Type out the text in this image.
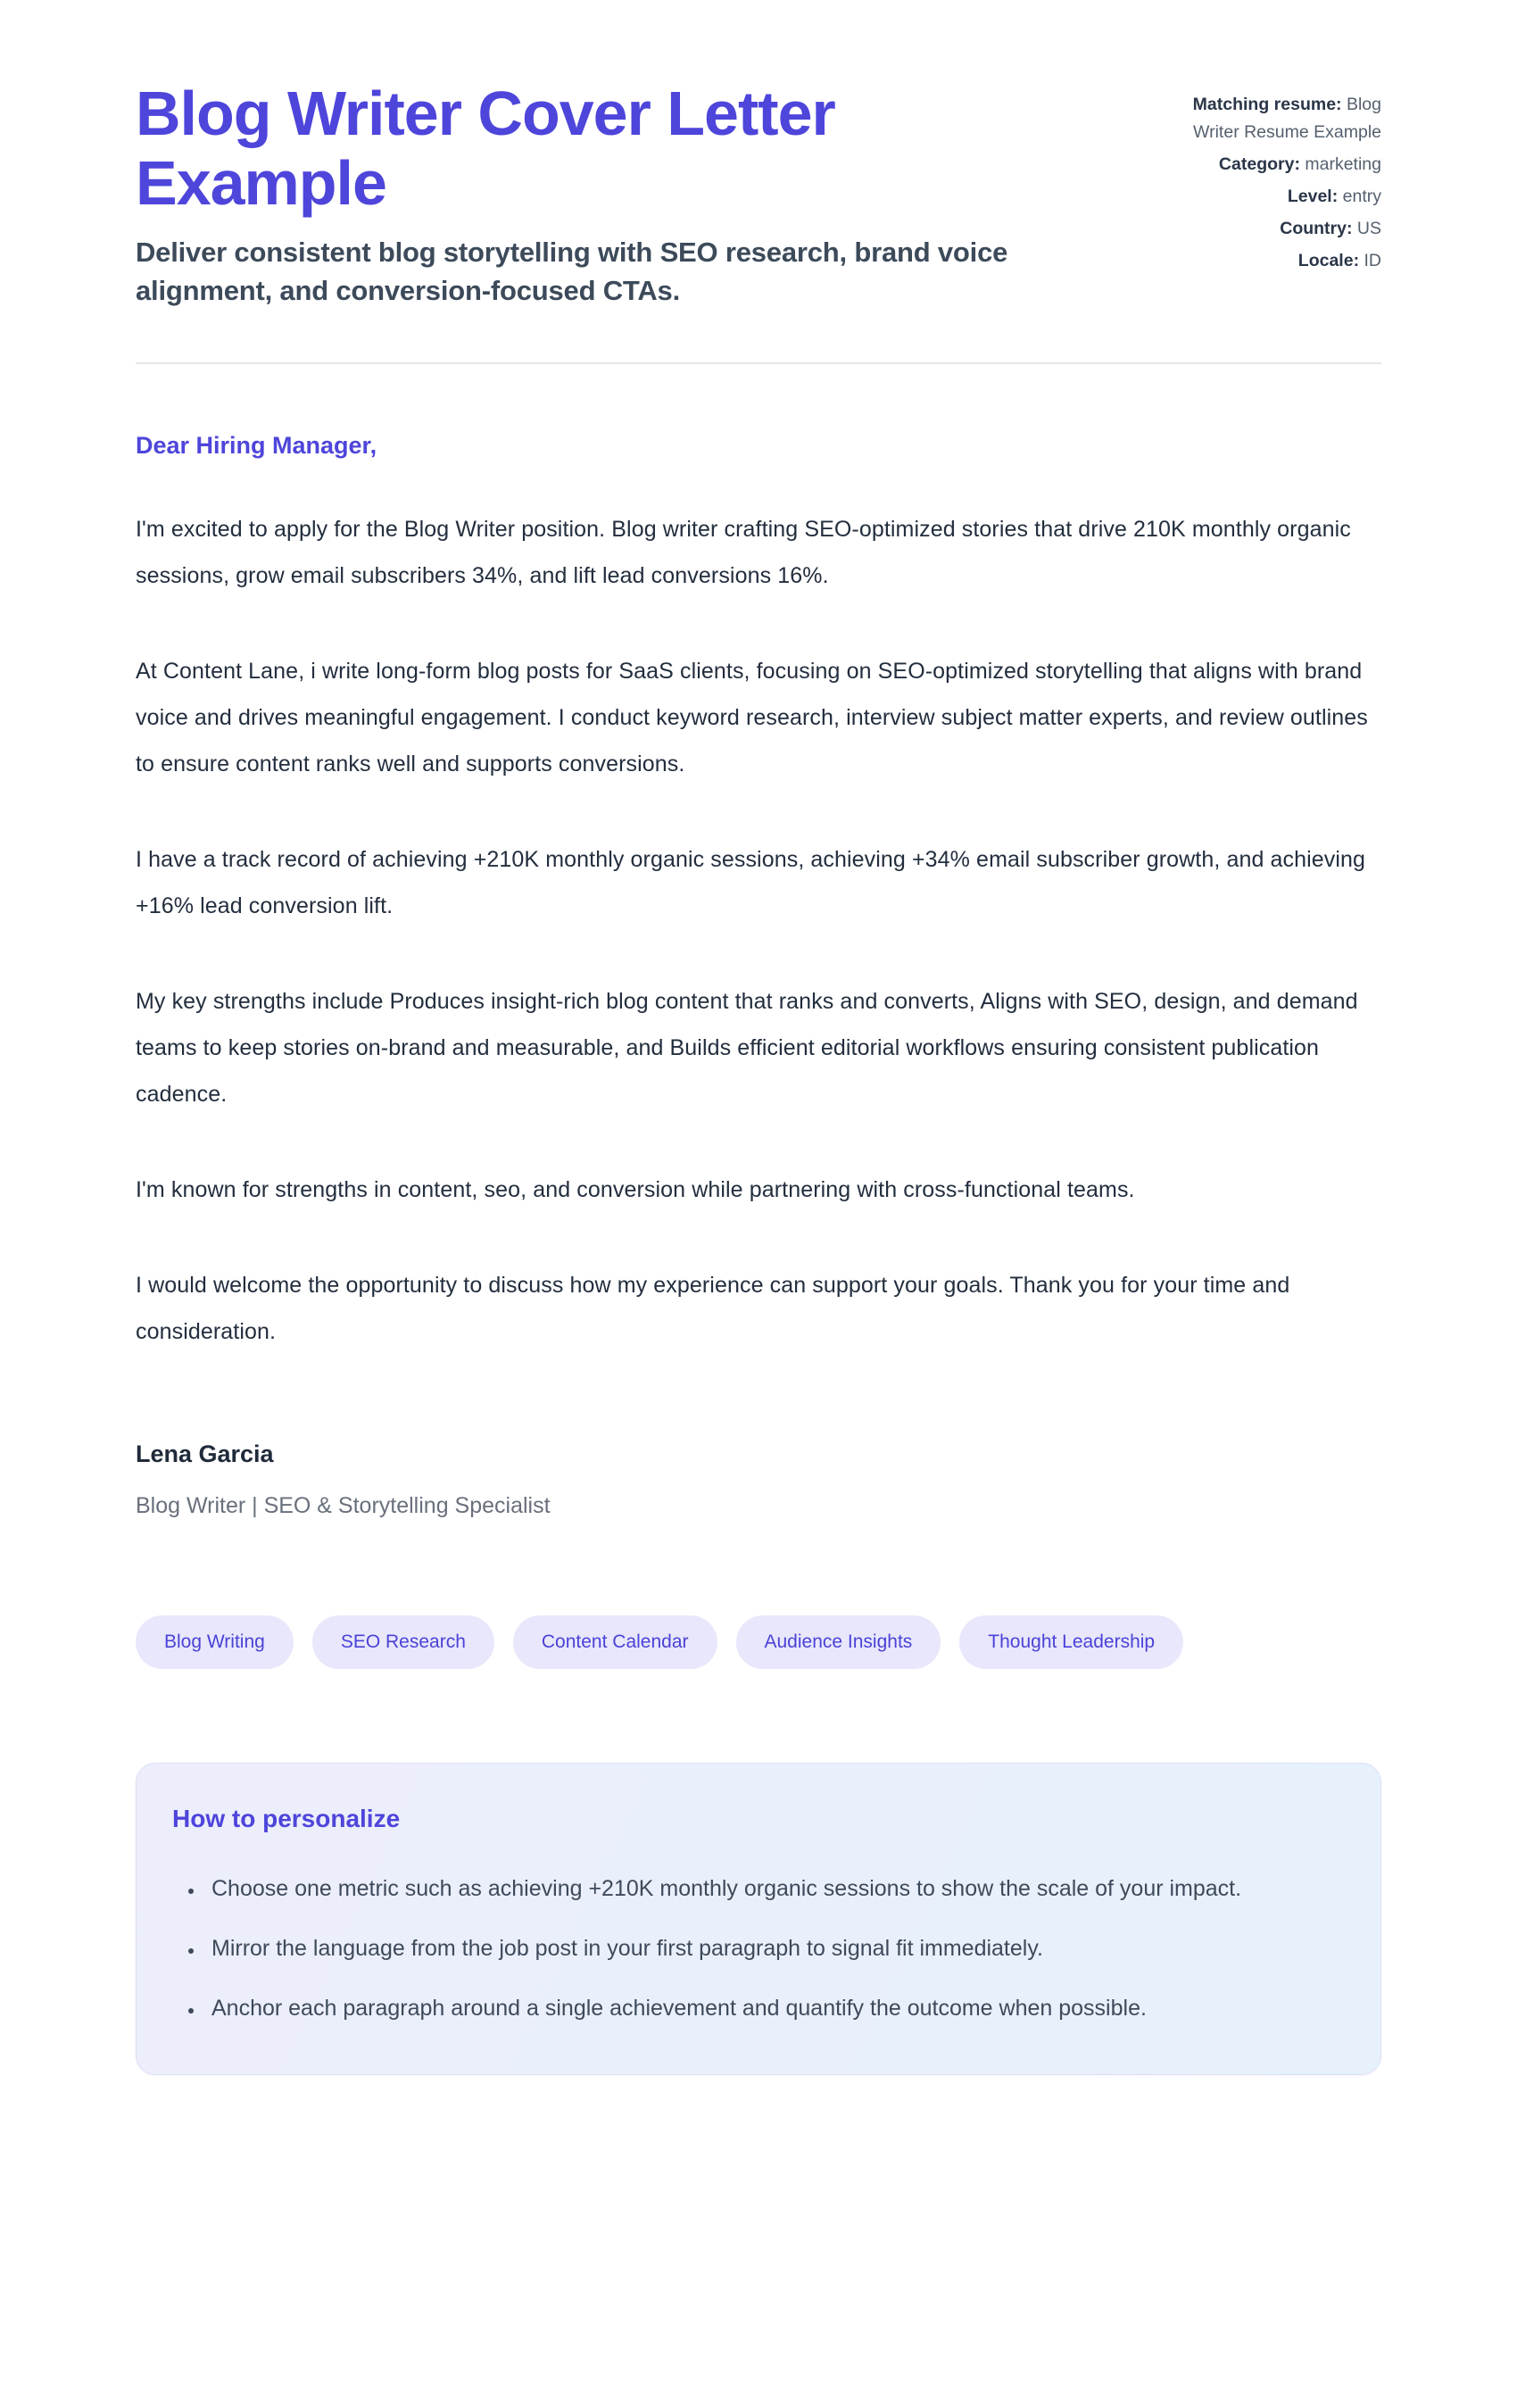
Blog Writer Cover Letter Example

Deliver consistent blog storytelling with SEO research, brand voice alignment, and conversion-focused CTAs.

Matching resume: Blog Writer Resume Example
Category: marketing
Level: entry
Country: US
Locale: ID

Dear Hiring Manager,

I'm excited to apply for the Blog Writer position. Blog writer crafting SEO-optimized stories that drive 210K monthly organic sessions, grow email subscribers 34%, and lift lead conversions 16%.

At Content Lane, i write long-form blog posts for SaaS clients, focusing on SEO-optimized storytelling that aligns with brand voice and drives meaningful engagement. I conduct keyword research, interview subject matter experts, and review outlines to ensure content ranks well and supports conversions.

I have a track record of achieving +210K monthly organic sessions, achieving +34% email subscriber growth, and achieving +16% lead conversion lift.

My key strengths include Produces insight-rich blog content that ranks and converts, Aligns with SEO, design, and demand teams to keep stories on-brand and measurable, and Builds efficient editorial workflows ensuring consistent publication cadence.

I'm known for strengths in content, seo, and conversion while partnering with cross-functional teams.

I would welcome the opportunity to discuss how my experience can support your goals. Thank you for your time and consideration.

Lena Garcia

Blog Writer | SEO & Storytelling Specialist

Blog Writing	SEO Research	Content Calendar	Audience Insights	Thought Leadership
How to personalize
• Choose one metric such as achieving +210K monthly organic sessions to show the scale of your impact.
• Mirror the language from the job post in your first paragraph to signal fit immediately.
• Anchor each paragraph around a single achievement and quantify the outcome when possible.
